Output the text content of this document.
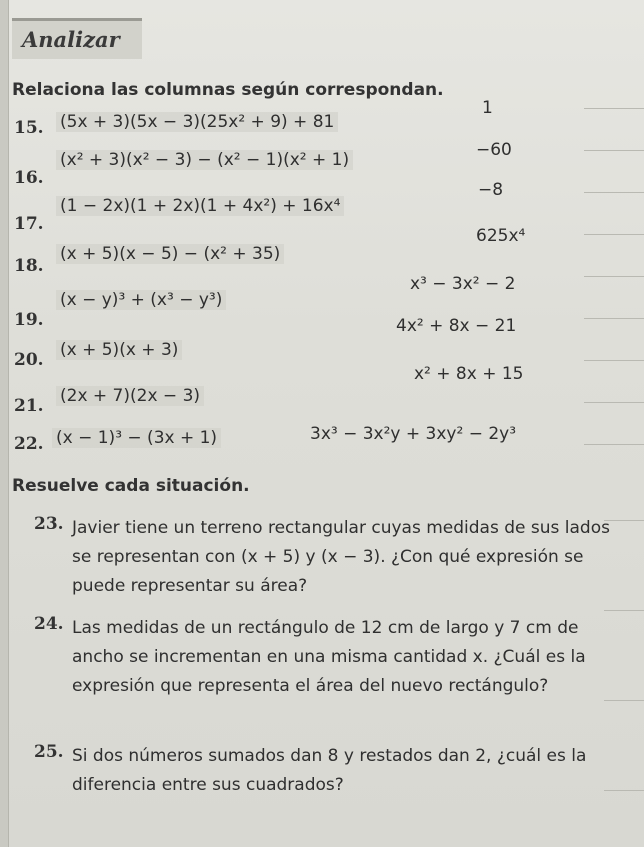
Analizar
Relaciona las columnas según correspondan.
15. (5x + 3)(5x − 3)(25x² + 9) + 81
16.
(x² + 3)(x² − 3) − (x² − 1)(x² + 1)
17.
(1 − 2x)(1 + 2x)(1 + 4x²) + 16x⁴
18.
(x + 5)(x − 5) − (x² + 35)
19.
(x − y)³ + (x³ − y³)
20. (x + 5)(x + 3)
21. (2x + 7)(2x − 3)
22. (x − 1)³ − (3x + 1)
1
−60
−8
625x⁴
x³ − 3x² − 2
4x² + 8x − 21
x² + 8x + 15
3x³ − 3x²y + 3xy² − 2y³
Resuelve cada situación.
23. Javier tiene un terreno rectangular cuyas medidas de sus lados se representan con (x + 5) y (x − 3). ¿Con qué expresión se puede representar su área?
24. Las medidas de un rectángulo de 12 cm de largo y 7 cm de ancho se incrementan en una misma cantidad x. ¿Cuál es la expresión que representa el área del nuevo rectángulo?
25. Si dos números sumados dan 8 y restados dan 2, ¿cuál es la diferencia entre sus cuadrados?
